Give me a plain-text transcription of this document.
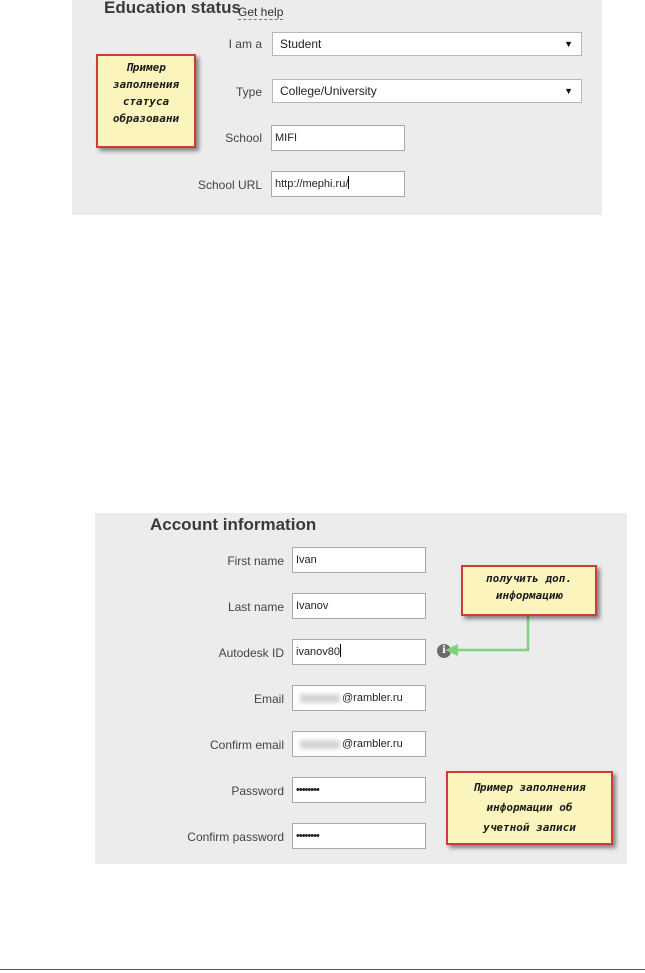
Education status
Get help
I am a	Student	▼
Type	College/University	▼
School	MIFI
School URL	http://mephi.ru/
Пример
заполнения
статуса
образовани
Account information
First name	Ivan
Last name	Ivanov
Autodesk ID	ivanov80	i
Email	@rambler.ru
Confirm email	@rambler.ru
Password	••••••••
Confirm password	••••••••
получить доп.
информацию
Пример заполнения
информации об
учетной записи
